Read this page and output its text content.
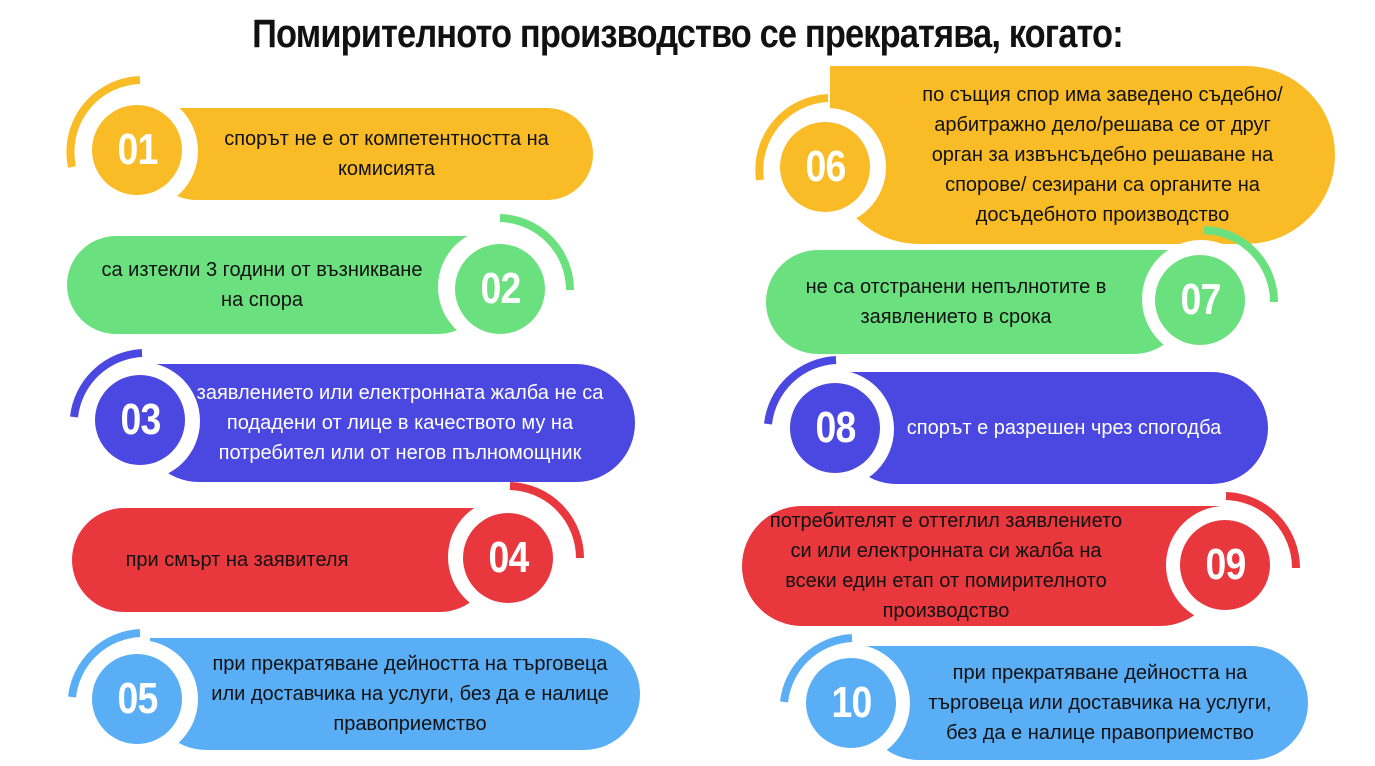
Помирителното производство се прекратява, когато:
спорът не е от компетентността на комисията
01
са изтекли 3 години от възникване на спора	02
заявлението или електронната жалба не са подадени от лице в качеството му на потребител или от негов пълномощник
03
при смърт на заявителя	04
при прекратяване дейността на търговеца или доставчика на услуги, без да е налице правоприемство
05
по същия спор има заведено съдебно/арбитражно дело/решава се от друг орган за извънсъдебно решаване на спорове/ сезирани са органите на досъдебното производство
06
не са отстранени непълнотите в заявлението в срока	07
спорът е разрешен чрез спогодба
08
потребителят е оттеглил заявлението си или електронната си жалба на всеки един етап от помирителното производство
09
при прекратяване дейността на търговеца или доставчика на услуги, без да е налице правоприемство
10
